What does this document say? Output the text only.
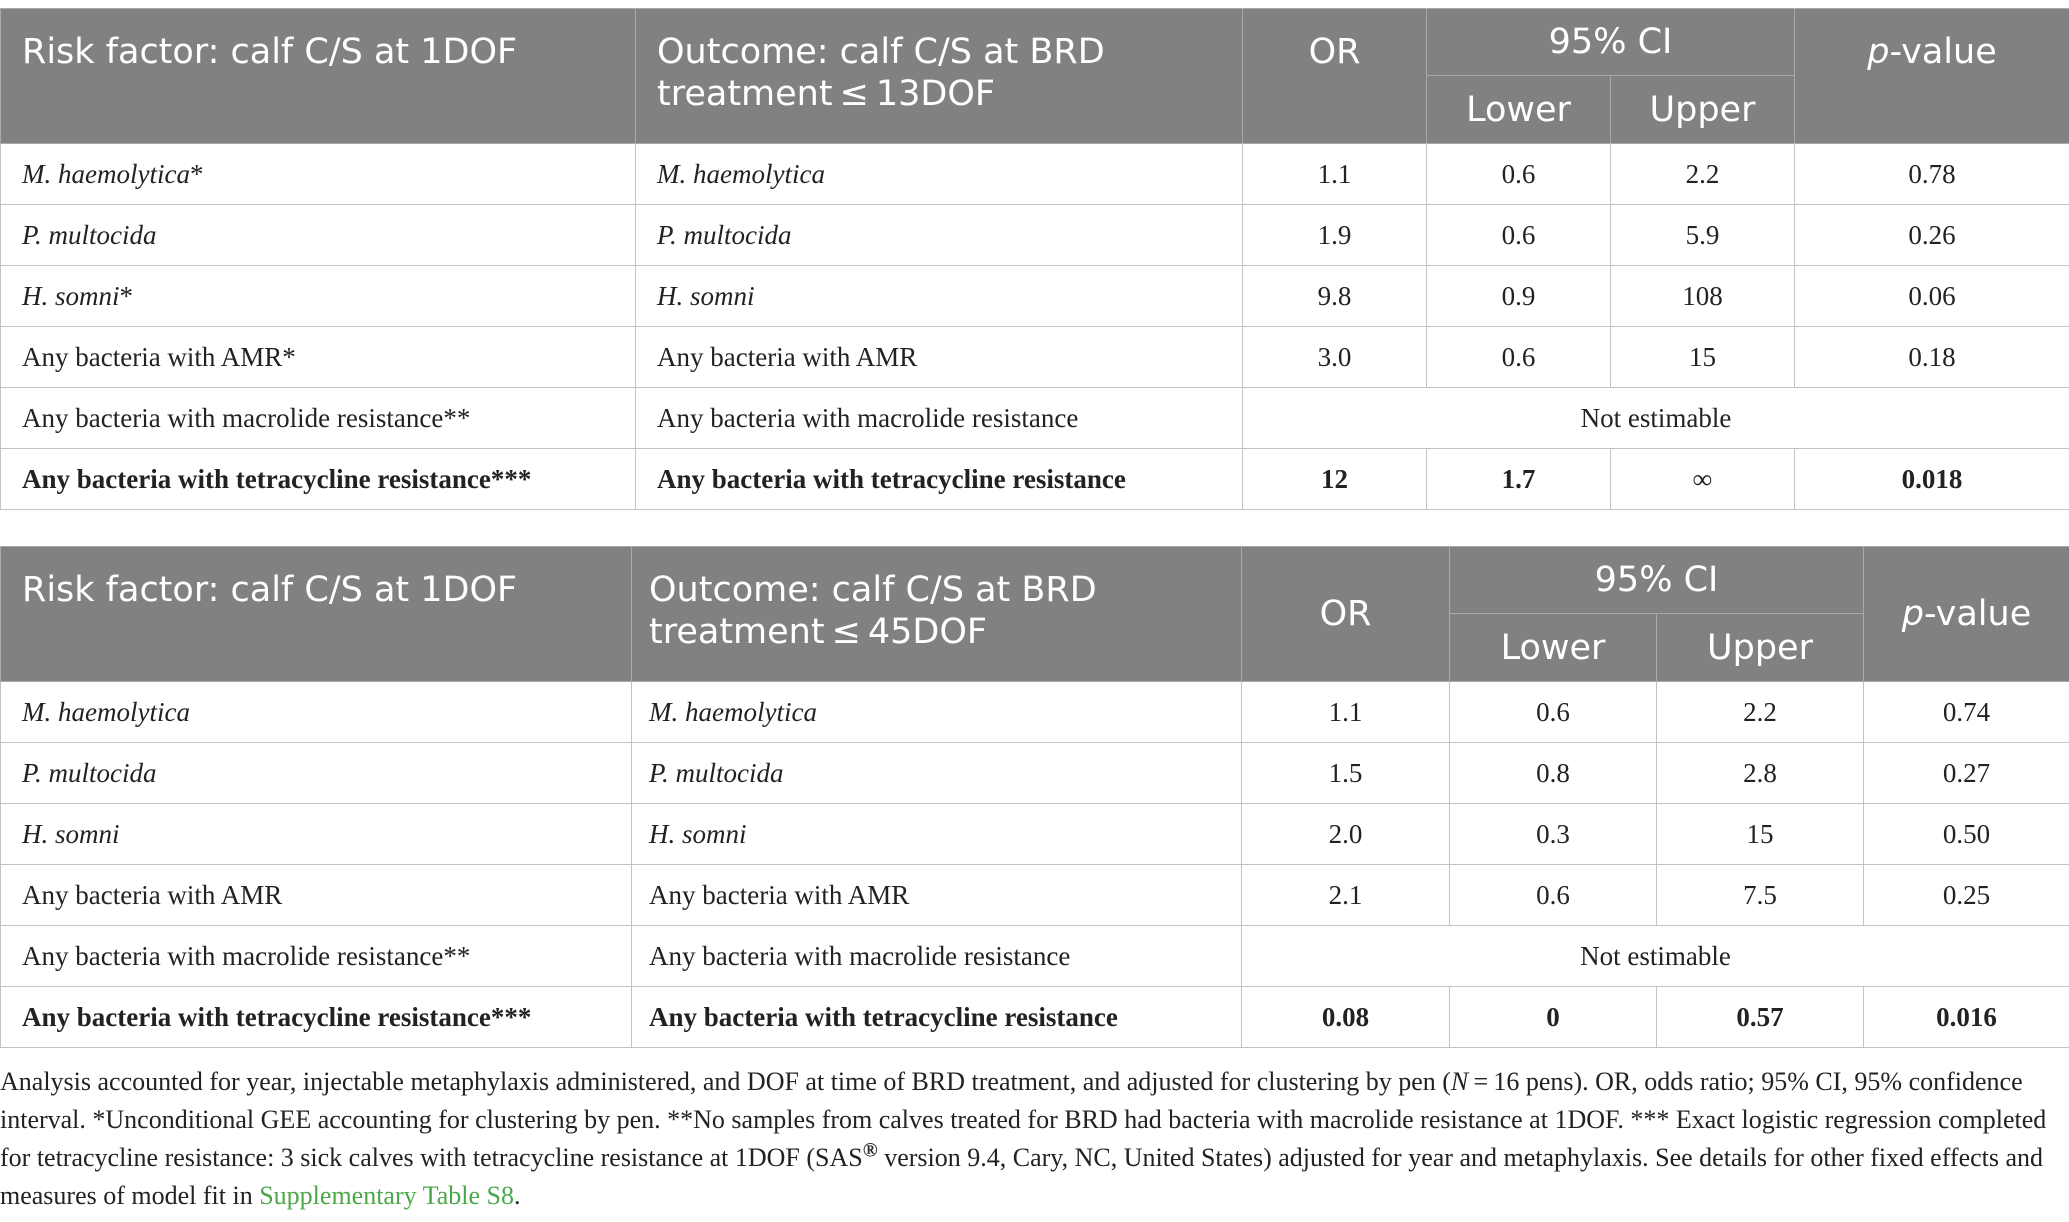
Risk factor: calf C/S at 1DOF	Outcome: calf C/S at BRD treatment ≤ 13DOF	OR	95% CI		p-value
			Lower	Upper	
M. haemolytica*	M. haemolytica	1.1	0.6	2.2	0.78
P. multocida	P. multocida	1.9	0.6	5.9	0.26
H. somni*	H. somni	9.8	0.9	108	0.06
Any bacteria with AMR*	Any bacteria with AMR	3.0	0.6	15	0.18
Any bacteria with macrolide resistance**	Any bacteria with macrolide resistance	Not estimable			
Any bacteria with tetracycline resistance***	Any bacteria with tetracycline resistance	12	1.7	∞	0.018
Risk factor: calf C/S at 1DOF	Outcome: calf C/S at BRD treatment ≤ 45DOF	OR	95% CI		p-value
			Lower	Upper	
M. haemolytica	M. haemolytica	1.1	0.6	2.2	0.74
P. multocida	P. multocida	1.5	0.8	2.8	0.27
H. somni	H. somni	2.0	0.3	15	0.50
Any bacteria with AMR	Any bacteria with AMR	2.1	0.6	7.5	0.25
Any bacteria with macrolide resistance**	Any bacteria with macrolide resistance	Not estimable			
Any bacteria with tetracycline resistance***	Any bacteria with tetracycline resistance	0.08	0	0.57	0.016
Analysis accounted for year, injectable metaphylaxis administered, and DOF at time of BRD treatment, and adjusted for clustering by pen (N = 16 pens). OR, odds ratio; 95% CI, 95% confidence interval. *Unconditional GEE accounting for clustering by pen. **No samples from calves treated for BRD had bacteria with macrolide resistance at 1DOF. *** Exact logistic regression completed for tetracycline resistance: 3 sick calves with tetracycline resistance at 1DOF (SAS® version 9.4, Cary, NC, United States) adjusted for year and metaphylaxis. See details for other fixed effects and measures of model fit in Supplementary Table S8.
